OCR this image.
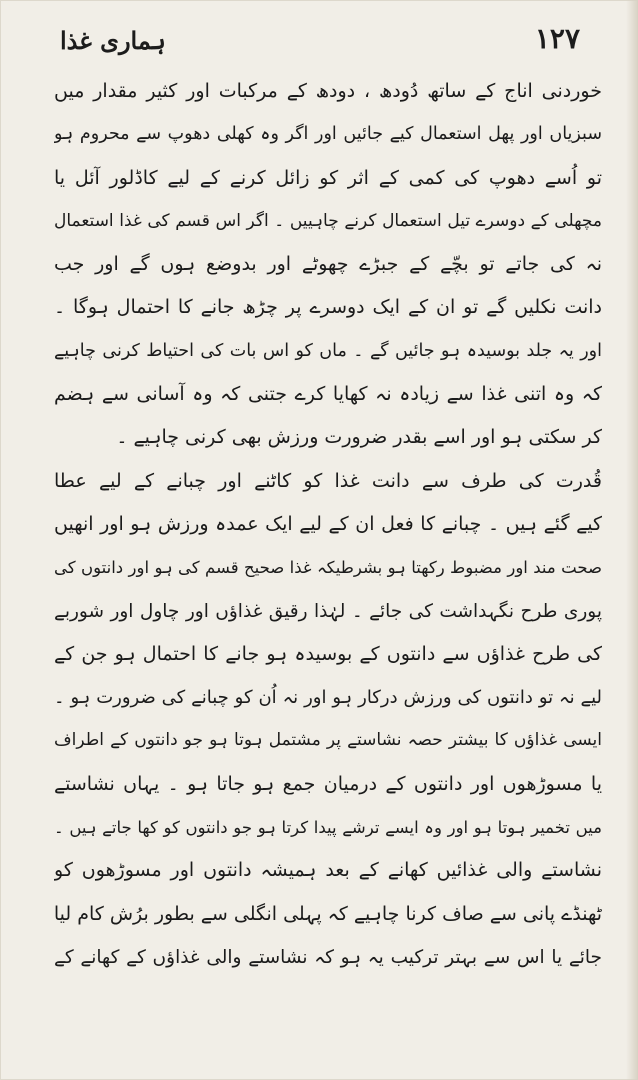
ہماری غذا	۱۲۷
خوردنی اناج کے ساتھ دُودھ ، دودھ کے مرکبات اور کثیر مقدار میں
سبزیاں اور پھل استعمال کیے جائیں اور اگر وہ کھلی دھوپ سے محروم ہو
تو اُسے دھوپ کی کمی کے اثر کو زائل کرنے کے لیے کاڈلور آئل یا
مچھلی کے دوسرے تیل استعمال کرنے چاہییں ۔ اگر اس قسم کی غذا استعمال
نہ کی جاتے تو بچّے کے جبڑے چھوٹے اور بدوضع ہوں گے اور جب
دانت نکلیں گے تو ان کے ایک دوسرے پر چڑھ جانے کا احتمال ہوگا ۔
اور یہ جلد بوسیدہ ہو جائیں گے ۔ ماں کو اس بات کی احتیاط کرنی چاہیے
کہ وہ اتنی غذا سے زیادہ نہ کھایا کرے جتنی کہ وہ آسانی سے ہضم
کر سکتی ہو اور اسے بقدر ضرورت ورزش بھی کرنی چاہیے ۔
قُدرت کی طرف سے دانت غذا کو کاٹنے اور چبانے کے لیے عطا
کیے گئے ہیں ۔ چبانے کا فعل ان کے لیے ایک عمدہ ورزش ہو اور انھیں
صحت مند اور مضبوط رکھتا ہو بشرطیکہ غذا صحیح قسم کی ہو اور دانتوں کی
پوری طرح نگہداشت کی جائے ۔ لہٰذا رقیق غذاؤں اور چاول اور شوربے
کی طرح غذاؤں سے دانتوں کے بوسیدہ ہو جانے کا احتمال ہو جن کے
لیے نہ تو دانتوں کی ورزش درکار ہو اور نہ اُن کو چبانے کی ضرورت ہو ۔
ایسی غذاؤں کا بیشتر حصہ نشاستے پر مشتمل ہوتا ہو جو دانتوں کے اطراف
یا مسوڑھوں اور دانتوں کے درمیان جمع ہو جاتا ہو ۔ یہاں نشاستے
میں تخمیر ہوتا ہو اور وہ ایسے ترشے پیدا کرتا ہو جو دانتوں کو کھا جاتے ہیں ۔
نشاستے والی غذائیں کھانے کے بعد ہمیشہ دانتوں اور مسوڑھوں کو
ٹھنڈے پانی سے صاف کرنا چاہیے کہ پہلی انگلی سے بطور برُش کام لیا
جائے یا اس سے بہتر ترکیب یہ ہو کہ نشاستے والی غذاؤں کے کھانے کے
